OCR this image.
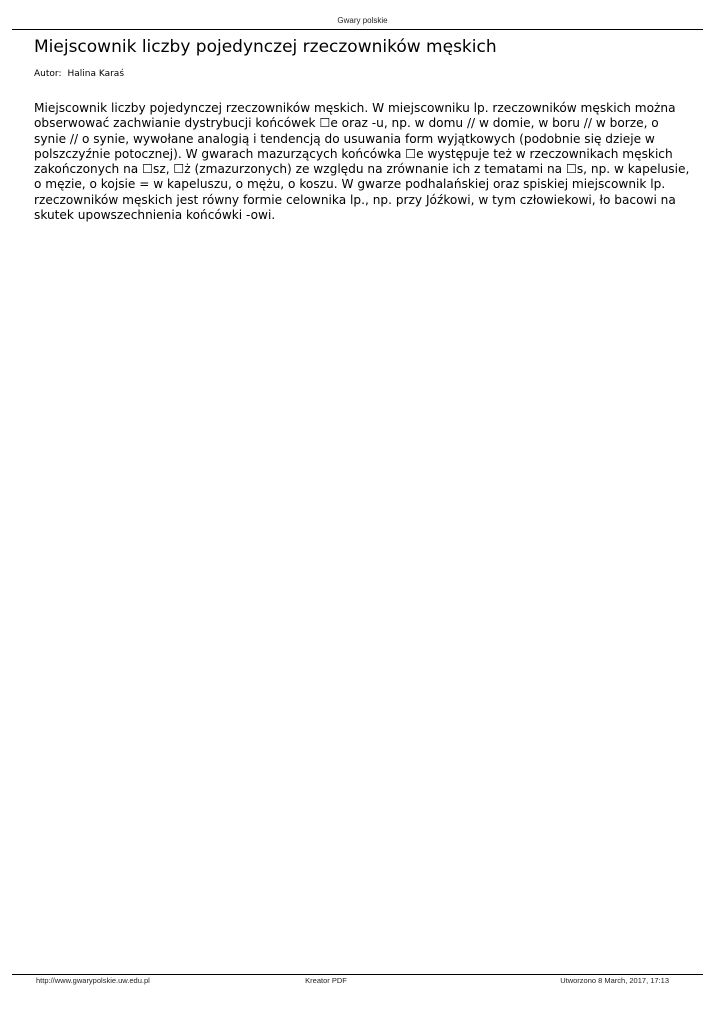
Gwary polskie
Miejscownik liczby pojedynczej rzeczowników męskich
Autor: Halina Karaś

Miejscownik liczby pojedynczej rzeczowników męskich. W miejscowniku lp. rzeczowników męskich można obserwować zachwianie dystrybucji końcówek ☐e oraz -u, np. w domu // w domie, w boru // w borze, o synie // o synie, wywołane analogią i tendencją do usuwania form wyjątkowych (podobnie się dzieje w polszczyźnie potocznej). W gwarach mazurzących końcówka ☐e występuje też w rzeczownikach męskich zakończonych na ☐sz, ☐ż (zmazurzonych) ze względu na zrównanie ich z tematami na ☐s, np. w kapelusie, o męzie, o kojsie = w kapeluszu, o mężu, o koszu. W gwarze podhalańskiej oraz spiskiej miejscownik lp. rzeczowników męskich jest równy formie celownika lp., np. przy Jóźkowi, w tym człowiekowi, ło bacowi na skutek upowszechnienia końcówki -owi.

http://www.gwarypolskie.uw.edu.pl	Kreator PDF	Utworzono 8 March, 2017, 17:13
